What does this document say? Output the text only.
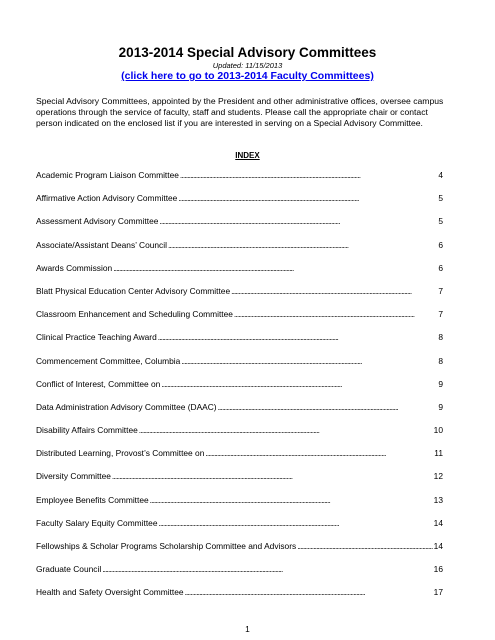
2013-2014 Special Advisory Committees
Updated: 11/15/2013
(click here to go to 2013-2014 Faculty Committees)
Special Advisory Committees, appointed by the President and other administrative offices, oversee campus operations through the service of faculty, staff and students. Please call the appropriate chair or contact person indicated on the enclosed list if you are interested in serving on a Special Advisory Committee.
INDEX
Academic Program Liaison Committee . . .	4
Affirmative Action Advisory Committee . . .	5
Assessment Advisory Committee . . .	5
Associate/Assistant Deans’ Council . . .	6
Awards Commission . . .	6
Blatt Physical Education Center Advisory Committee . . .	7
Classroom Enhancement and Scheduling Committee . . .	7
Clinical Practice Teaching Award . . .	8
Commencement Committee, Columbia . . .	8
Conflict of Interest, Committee on . . .	9
Data Administration Advisory Committee (DAAC) . . .	9
Disability Affairs Committee . . .	10
Distributed Learning, Provost’s Committee on . . .	11
Diversity Committee . . .	12
Employee Benefits Committee . . .	13
Faculty Salary Equity Committee . . .	14
Fellowships & Scholar Programs Scholarship Committee and Advisors . . .	14
Graduate Council . . .	16
Health and Safety Oversight Committee . . .	17
1
